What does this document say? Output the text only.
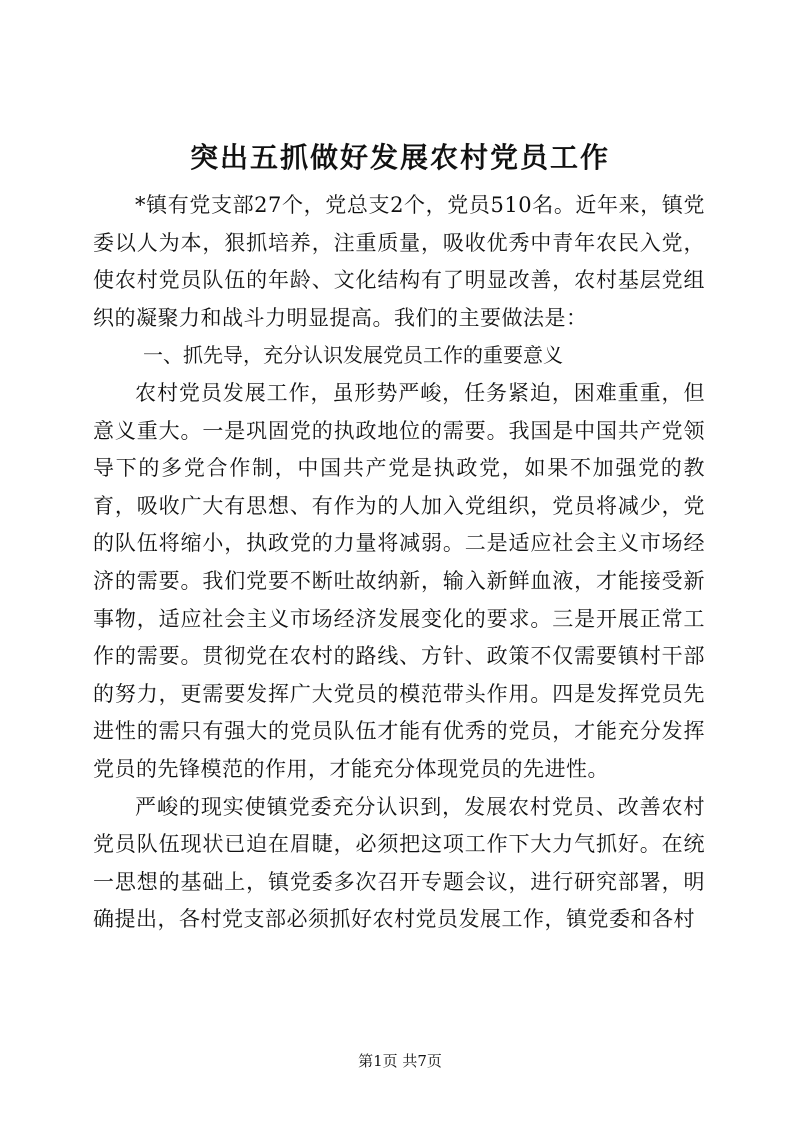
突出五抓做好发展农村党员工作

*镇有党支部27个，党总支2个，党员510名。近年来，镇党委以人为本，狠抓培养，注重质量，吸收优秀中青年农民入党，使农村党员队伍的年龄、文化结构有了明显改善，农村基层党组织的凝聚力和战斗力明显提高。我们的主要做法是：

一、抓先导，充分认识发展党员工作的重要意义

农村党员发展工作，虽形势严峻，任务紧迫，困难重重，但意义重大。一是巩固党的执政地位的需要。我国是中国共产党领导下的多党合作制，中国共产党是执政党，如果不加强党的教育，吸收广大有思想、有作为的人加入党组织，党员将减少，党的队伍将缩小，执政党的力量将减弱。二是适应社会主义市场经济的需要。我们党要不断吐故纳新，输入新鲜血液，才能接受新事物，适应社会主义市场经济发展变化的要求。三是开展正常工作的需要。贯彻党在农村的路线、方针、政策不仅需要镇村干部的努力，更需要发挥广大党员的模范带头作用。四是发挥党员先进性的需只有强大的党员队伍才能有优秀的党员，才能充分发挥党员的先锋模范的作用，才能充分体现党员的先进性。

严峻的现实使镇党委充分认识到，发展农村党员、改善农村党员队伍现状已迫在眉睫，必须把这项工作下大力气抓好。在统一思想的基础上，镇党委多次召开专题会议，进行研究部署，明确提出，各村党支部必须抓好农村党员发展工作，镇党委和各村

第1页 共7页
